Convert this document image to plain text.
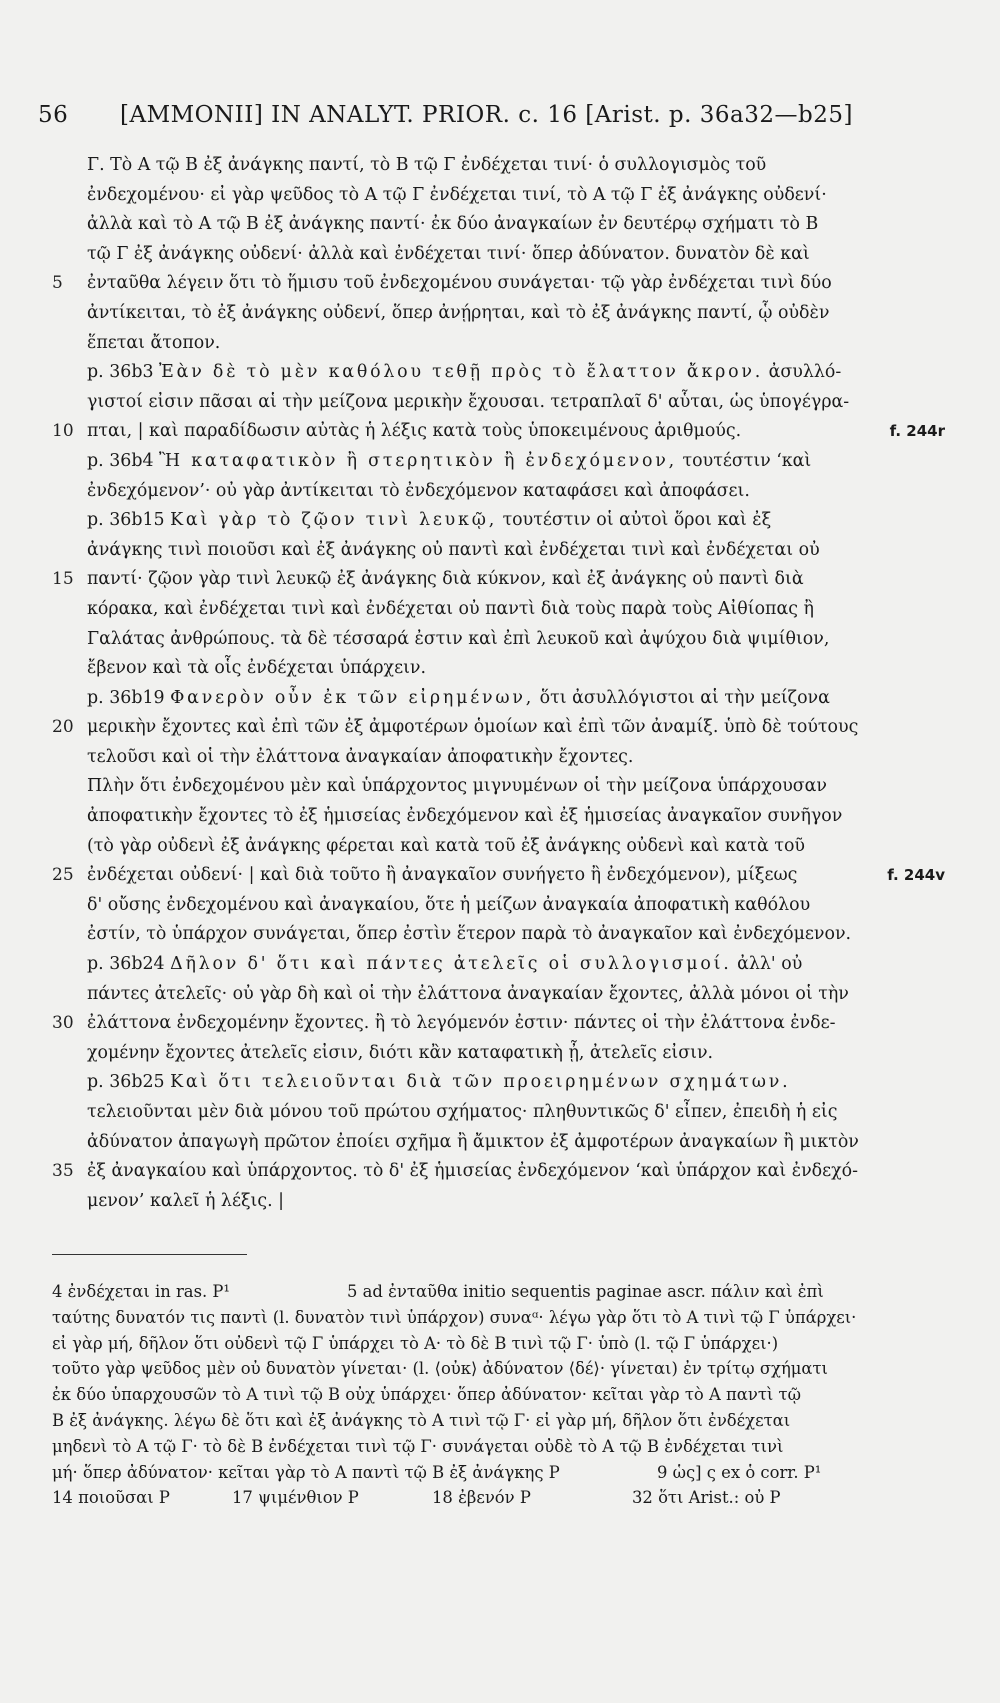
56 [AMMONII] IN ANALYT. PRIOR. c. 16 [Arist. p. 36a32—b25]
Γ. Τὸ Α τῷ Β ἐξ ἀνάγκης παντί, τὸ Β τῷ Γ ἐνδέχεται τινί· ὁ συλλογισμὸς τοῦ
ἐνδεχομένου· εἰ γὰρ ψεῦδος τὸ Α τῷ Γ ἐνδέχεται τινί, τὸ Α τῷ Γ ἐξ ἀνάγκης οὐδενί·
ἀλλὰ καὶ τὸ Α τῷ Β ἐξ ἀνάγκης παντί· ἐκ δύο ἀναγκαίων ἐν δευτέρῳ σχήματι τὸ Β
τῷ Γ ἐξ ἀνάγκης οὐδενί· ἀλλὰ καὶ ἐνδέχεται τινί· ὅπερ ἀδύνατον. δυνατὸν δὲ καὶ
5 ἐνταῦθα λέγειν ὅτι τὸ ἥμισυ τοῦ ἐνδεχομένου συνάγεται· τῷ γὰρ ἐνδέχεται τινὶ δύο
ἀντίκειται, τὸ ἐξ ἀνάγκης οὐδενί, ὅπερ ἀνῄρηται, καὶ τὸ ἐξ ἀνάγκης παντί, ᾧ οὐδὲν
ἕπεται ἄτοπον.
p. 36b3 Ἐὰν δὲ τὸ μὲν καθόλου τεθῇ πρὸς τὸ ἔλαττον ἄκρον. ἀσυλλό-
γιστοί εἰσιν πᾶσαι αἱ τὴν μείζονα μερικὴν ἔχουσαι. τετραπλαῖ δ' αὗται, ὡς ὑπογέγρα-
10 πται, | καὶ παραδίδωσιν αὐτὰς ἡ λέξις κατὰ τοὺς ὑποκειμένους ἀριθμούς.	f. 244r
p. 36b4 Ἢ καταφατικὸν ἢ στερητικὸν ἢ ἐνδεχόμενον, τουτέστιν ‘καὶ
ἐνδεχόμενον’· οὐ γὰρ ἀντίκειται τὸ ἐνδεχόμενον καταφάσει καὶ ἀποφάσει.
p. 36b15 Καὶ γὰρ τὸ ζῷον τινὶ λευκῷ, τουτέστιν οἱ αὐτοὶ ὅροι καὶ ἐξ
ἀνάγκης τινὶ ποιοῦσι καὶ ἐξ ἀνάγκης οὐ παντὶ καὶ ἐνδέχεται τινὶ καὶ ἐνδέχεται οὐ
15 παντί· ζῷον γὰρ τινὶ λευκῷ ἐξ ἀνάγκης διὰ κύκνον, καὶ ἐξ ἀνάγκης οὐ παντὶ διὰ
κόρακα, καὶ ἐνδέχεται τινὶ καὶ ἐνδέχεται οὐ παντὶ διὰ τοὺς παρὰ τοὺς Αἰθίοπας ἢ
Γαλάτας ἀνθρώπους. τὰ δὲ τέσσαρά ἐστιν καὶ ἐπὶ λευκοῦ καὶ ἀψύχου διὰ ψιμίθιον,
ἔβενον καὶ τὰ οἷς ἐνδέχεται ὑπάρχειν.
p. 36b19 Φανερὸν οὖν ἐκ τῶν εἰρημένων, ὅτι ἀσυλλόγιστοι αἱ τὴν μείζονα
20 μερικὴν ἔχοντες καὶ ἐπὶ τῶν ἐξ ἀμφοτέρων ὁμοίων καὶ ἐπὶ τῶν ἀναμίξ. ὑπὸ δὲ τούτους
τελοῦσι καὶ οἱ τὴν ἐλάττονα ἀναγκαίαν ἀποφατικὴν ἔχοντες.
Πλὴν ὅτι ἐνδεχομένου μὲν καὶ ὑπάρχοντος μιγνυμένων οἱ τὴν μείζονα ὑπάρχουσαν
ἀποφατικὴν ἔχοντες τὸ ἐξ ἡμισείας ἐνδεχόμενον καὶ ἐξ ἡμισείας ἀναγκαῖον συνῆγον
(τὸ γὰρ οὐδενὶ ἐξ ἀνάγκης φέρεται καὶ κατὰ τοῦ ἐξ ἀνάγκης οὐδενὶ καὶ κατὰ τοῦ
25 ἐνδέχεται οὐδενί· | καὶ διὰ τοῦτο ἢ ἀναγκαῖον συνήγετο ἢ ἐνδεχόμενον), μίξεως	f. 244v
δ' οὔσης ἐνδεχομένου καὶ ἀναγκαίου, ὅτε ἡ μείζων ἀναγκαία ἀποφατικὴ καθόλου
ἐστίν, τὸ ὑπάρχον συνάγεται, ὅπερ ἐστὶν ἕτερον παρὰ τὸ ἀναγκαῖον καὶ ἐνδεχόμενον.
p. 36b24 Δῆλον δ' ὅτι καὶ πάντες ἀτελεῖς οἱ συλλογισμοί. ἀλλ' οὐ
πάντες ἀτελεῖς· οὐ γὰρ δὴ καὶ οἱ τὴν ἐλάττονα ἀναγκαίαν ἔχοντες, ἀλλὰ μόνοι οἱ τὴν
30 ἐλάττονα ἐνδεχομένην ἔχοντες. ἢ τὸ λεγόμενόν ἐστιν· πάντες οἱ τὴν ἐλάττονα ἐνδε-
χομένην ἔχοντες ἀτελεῖς εἰσιν, διότι κἂν καταφατικὴ ᾖ, ἀτελεῖς εἰσιν.
p. 36b25 Καὶ ὅτι τελειοῦνται διὰ τῶν προειρημένων σχημάτων.
τελειοῦνται μὲν διὰ μόνου τοῦ πρώτου σχήματος· πληθυντικῶς δ' εἶπεν, ἐπειδὴ ἡ εἰς
ἀδύνατον ἀπαγωγὴ πρῶτον ἐποίει σχῆμα ἢ ἄμικτον ἐξ ἀμφοτέρων ἀναγκαίων ἢ μικτὸν
35 ἐξ ἀναγκαίου καὶ ὑπάρχοντος. τὸ δ' ἐξ ἡμισείας ἐνδεχόμενον ‘καὶ ὑπάρχον καὶ ἐνδεχό-
μενον’ καλεῖ ἡ λέξις. |
4 ἐνδέχεται in ras. P¹	5 ad ἐνταῦθα initio sequentis paginae ascr. πάλιν καὶ ἐπὶ
ταύτης δυνατόν τις παντὶ (l. δυνατὸν τινὶ ὑπάρχον) συναᵅ· λέγω γὰρ ὅτι τὸ Α τινὶ τῷ Γ ὑπάρχει·
εἰ γὰρ μή, δῆλον ὅτι οὐδενὶ τῷ Γ ὑπάρχει τὸ Α· τὸ δὲ Β τινὶ τῷ Γ· ὑπὸ (l. τῷ Γ ὑπάρχει·)
τοῦτο γὰρ ψεῦδος μὲν οὐ δυνατὸν γίνεται· (l. ⟨οὐκ⟩ ἀδύνατον ⟨δέ⟩· γίνεται) ἐν τρίτῳ σχήματι
ἐκ δύο ὑπαρχουσῶν τὸ Α τινὶ τῷ Β οὐχ ὑπάρχει· ὅπερ ἀδύνατον· κεῖται γὰρ τὸ Α παντὶ τῷ
Β ἐξ ἀνάγκης. λέγω δὲ ὅτι καὶ ἐξ ἀνάγκης τὸ Α τινὶ τῷ Γ· εἰ γὰρ μή, δῆλον ὅτι ἐνδέχεται
μηδενὶ τὸ Α τῷ Γ· τὸ δὲ Β ἐνδέχεται τινὶ τῷ Γ· συνάγεται οὐδὲ τὸ Α τῷ Β ἐνδέχεται τινὶ
μή· ὅπερ ἀδύνατον· κεῖται γὰρ τὸ Α παντὶ τῷ Β ἐξ ἀνάγκης P	9 ὡς] ς ex ὁ corr. P¹
14 ποιοῦσαι P	17 ψιμένθιον P	18 ἐβενόν P	32 ὅτι Arist.: οὐ P
